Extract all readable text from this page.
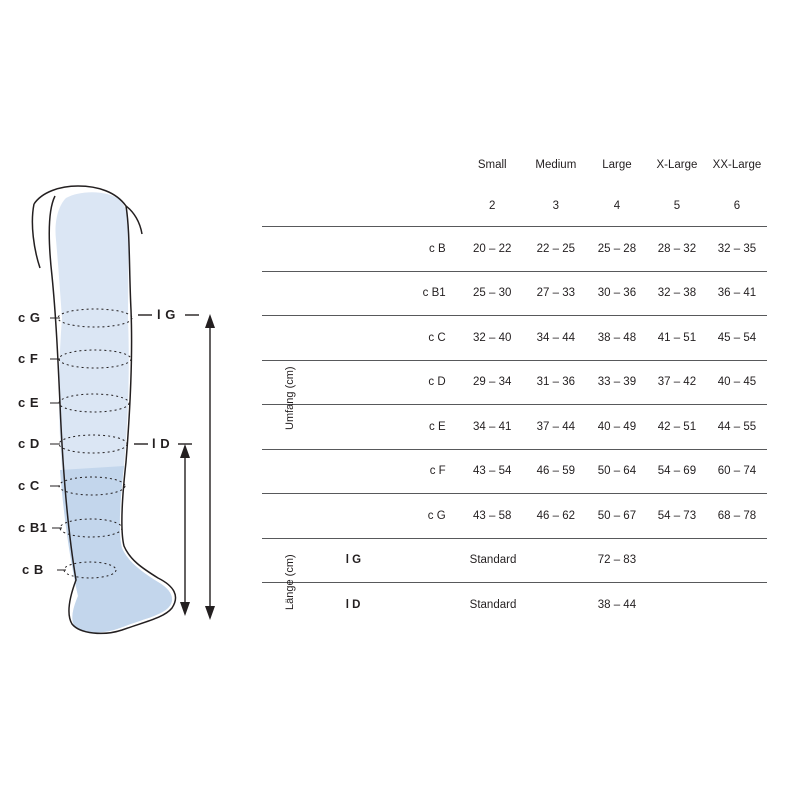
c G
c F
c E
c D
c C
c B1
c B
l G
l D
Umfang (cm)
Länge (cm)
		Small	Medium	Large	X-Large	XX-Large
		2	3	4	5	6
	c B	20 – 22	22 – 25	25 – 28	28 – 32	32 – 35
	c B1	25 – 30	27 – 33	30 – 36	32 – 38	36 – 41
	c C	32 – 40	34 – 44	38 – 48	41 – 51	45 – 54
	c D	29 – 34	31 – 36	33 – 39	37 – 42	40 – 45
	c E	34 – 41	37 – 44	40 – 49	42 – 51	44 – 55
	c F	43 – 54	46 – 59	50 – 64	54 – 69	60 – 74
	c G	43 – 58	46 – 62	50 – 67	54 – 73	68 – 78
	l G	Standard		72 – 83		
	l D	Standard		38 – 44		
